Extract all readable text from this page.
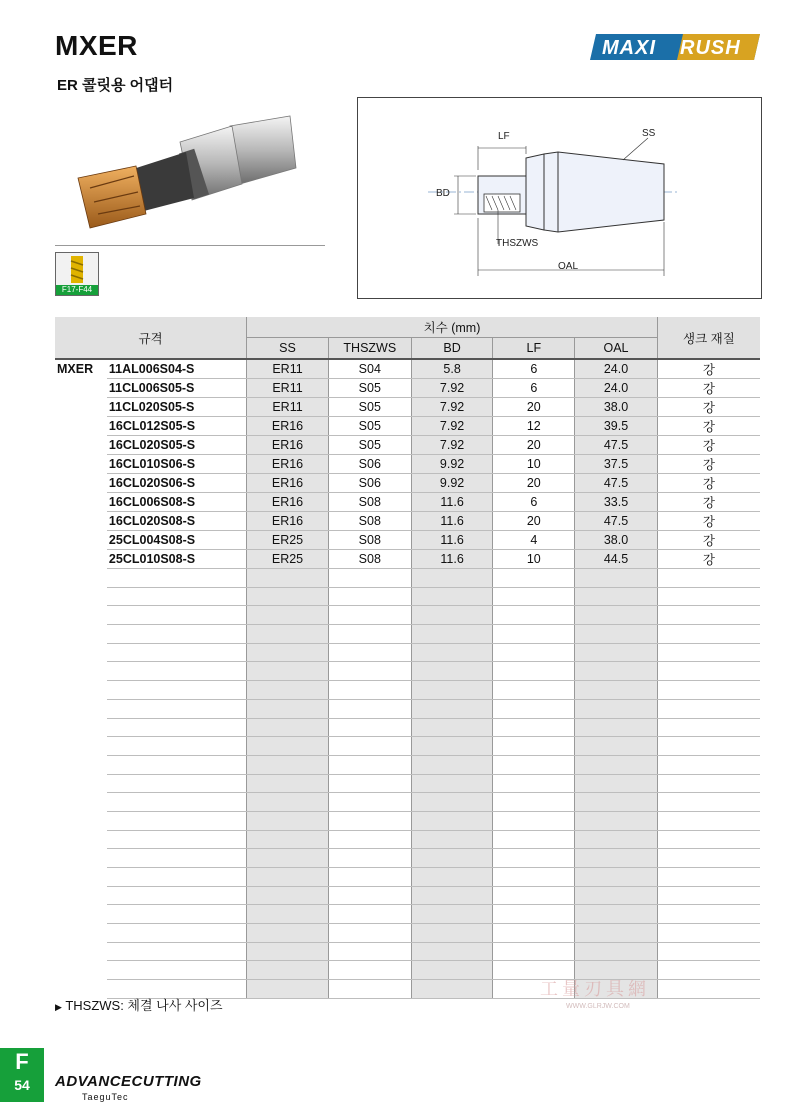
MXER
ER 콜릿용 어댑터
MAXI RUSH
F17-F44
LF	SS
BD
THSZWS
OAL
규격		치수 (mm)					생크 재질
		SS	THSZWS	BD	LF	OAL	
MXER	11AL006S04-S	ER11	S04	5.8	6	24.0	강
	11CL006S05-S	ER11	S05	7.92	6	24.0	강
	11CL020S05-S	ER11	S05	7.92	20	38.0	강
	16CL012S05-S	ER16	S05	7.92	12	39.5	강
	16CL020S05-S	ER16	S05	7.92	20	47.5	강
	16CL010S06-S	ER16	S06	9.92	10	37.5	강
	16CL020S06-S	ER16	S06	9.92	20	47.5	강
	16CL006S08-S	ER16	S08	11.6	6	33.5	강
	16CL020S08-S	ER16	S08	11.6	20	47.5	강
	25CL004S08-S	ER25	S08	11.6	4	38.0	강
	25CL010S08-S	ER25	S08	11.6	10	44.5	강

▶ THSZWS: 체결 나사 사이즈
工量刃具網
WWW.GLRJW.COM
F
54	ADVANCECUTTING
TaeguTec
